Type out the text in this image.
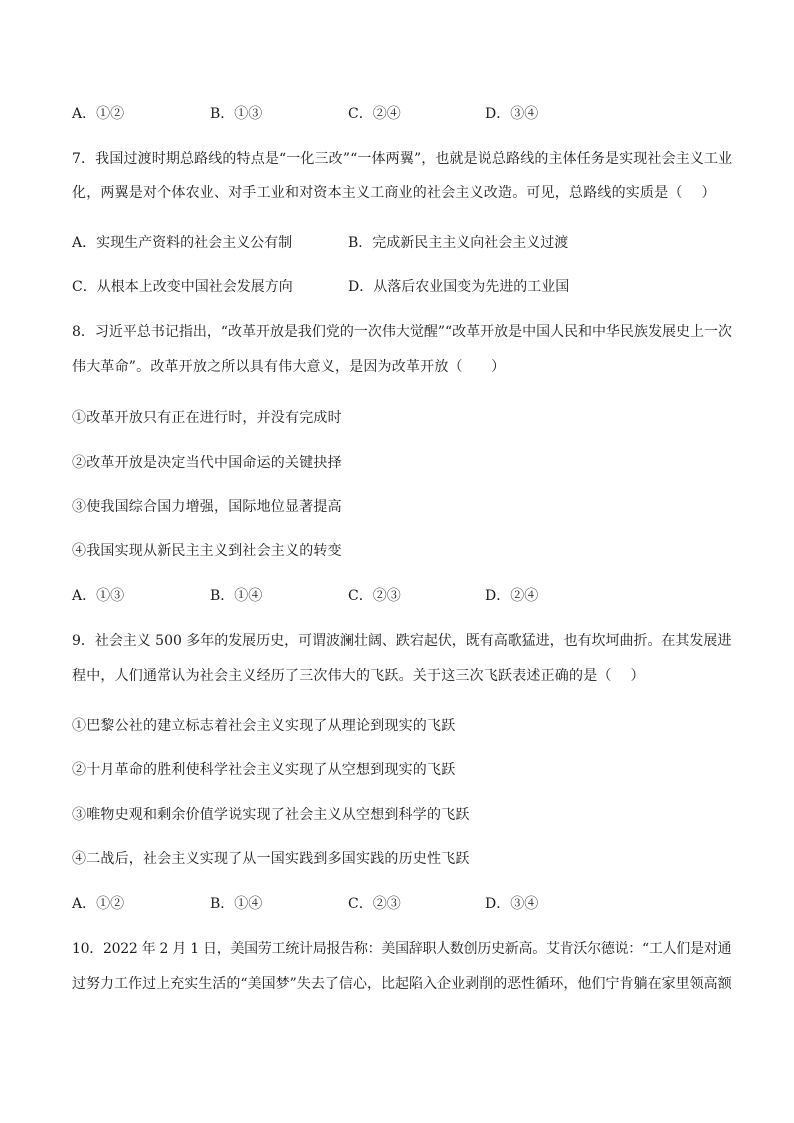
A．①②	B．①③	C．②④	D．③④
7．我国过渡时期总路线的特点是“一化三改”“一体两翼”，也就是说总路线的主体任务是实现社会主义工业
化，两翼是对个体农业、对手工业和对资本主义工商业的社会主义改造。可见，总路线的实质是（　 ）
A．实现生产资料的社会主义公有制	B．完成新民主主义向社会主义过渡
C．从根本上改变中国社会发展方向	D．从落后农业国变为先进的工业国
8．习近平总书记指出，“改革开放是我们党的一次伟大觉醒”“改革开放是中国人民和中华民族发展史上一次
伟大革命”。改革开放之所以具有伟大意义，是因为改革开放（　　）
①改革开放只有正在进行时，并没有完成时
②改革开放是决定当代中国命运的关键抉择
③使我国综合国力增强，国际地位显著提高
④我国实现从新民主主义到社会主义的转变
A．①③	B．①④	C．②③	D．②④
9．社会主义 500 多年的发展历史，可谓波澜壮阔、跌宕起伏，既有高歌猛进，也有坎坷曲折。在其发展进
程中，人们通常认为社会主义经历了三次伟大的飞跃。关于这三次飞跃表述正确的是（　 ）
①巴黎公社的建立标志着社会主义实现了从理论到现实的飞跃
②十月革命的胜利使科学社会主义实现了从空想到现实的飞跃
③唯物史观和剩余价值学说实现了社会主义从空想到科学的飞跃
④二战后，社会主义实现了从一国实践到多国实践的历史性飞跃
A．①②	B．①④	C．②③	D．③④
10．2022 年 2 月 1 日，美国劳工统计局报告称：美国辞职人数创历史新高。艾肯沃尔德说：“工人们是对通
过努力工作过上充实生活的“美国梦”失去了信心，比起陷入企业剥削的恶性循环，他们宁肯躺在家里领高额
